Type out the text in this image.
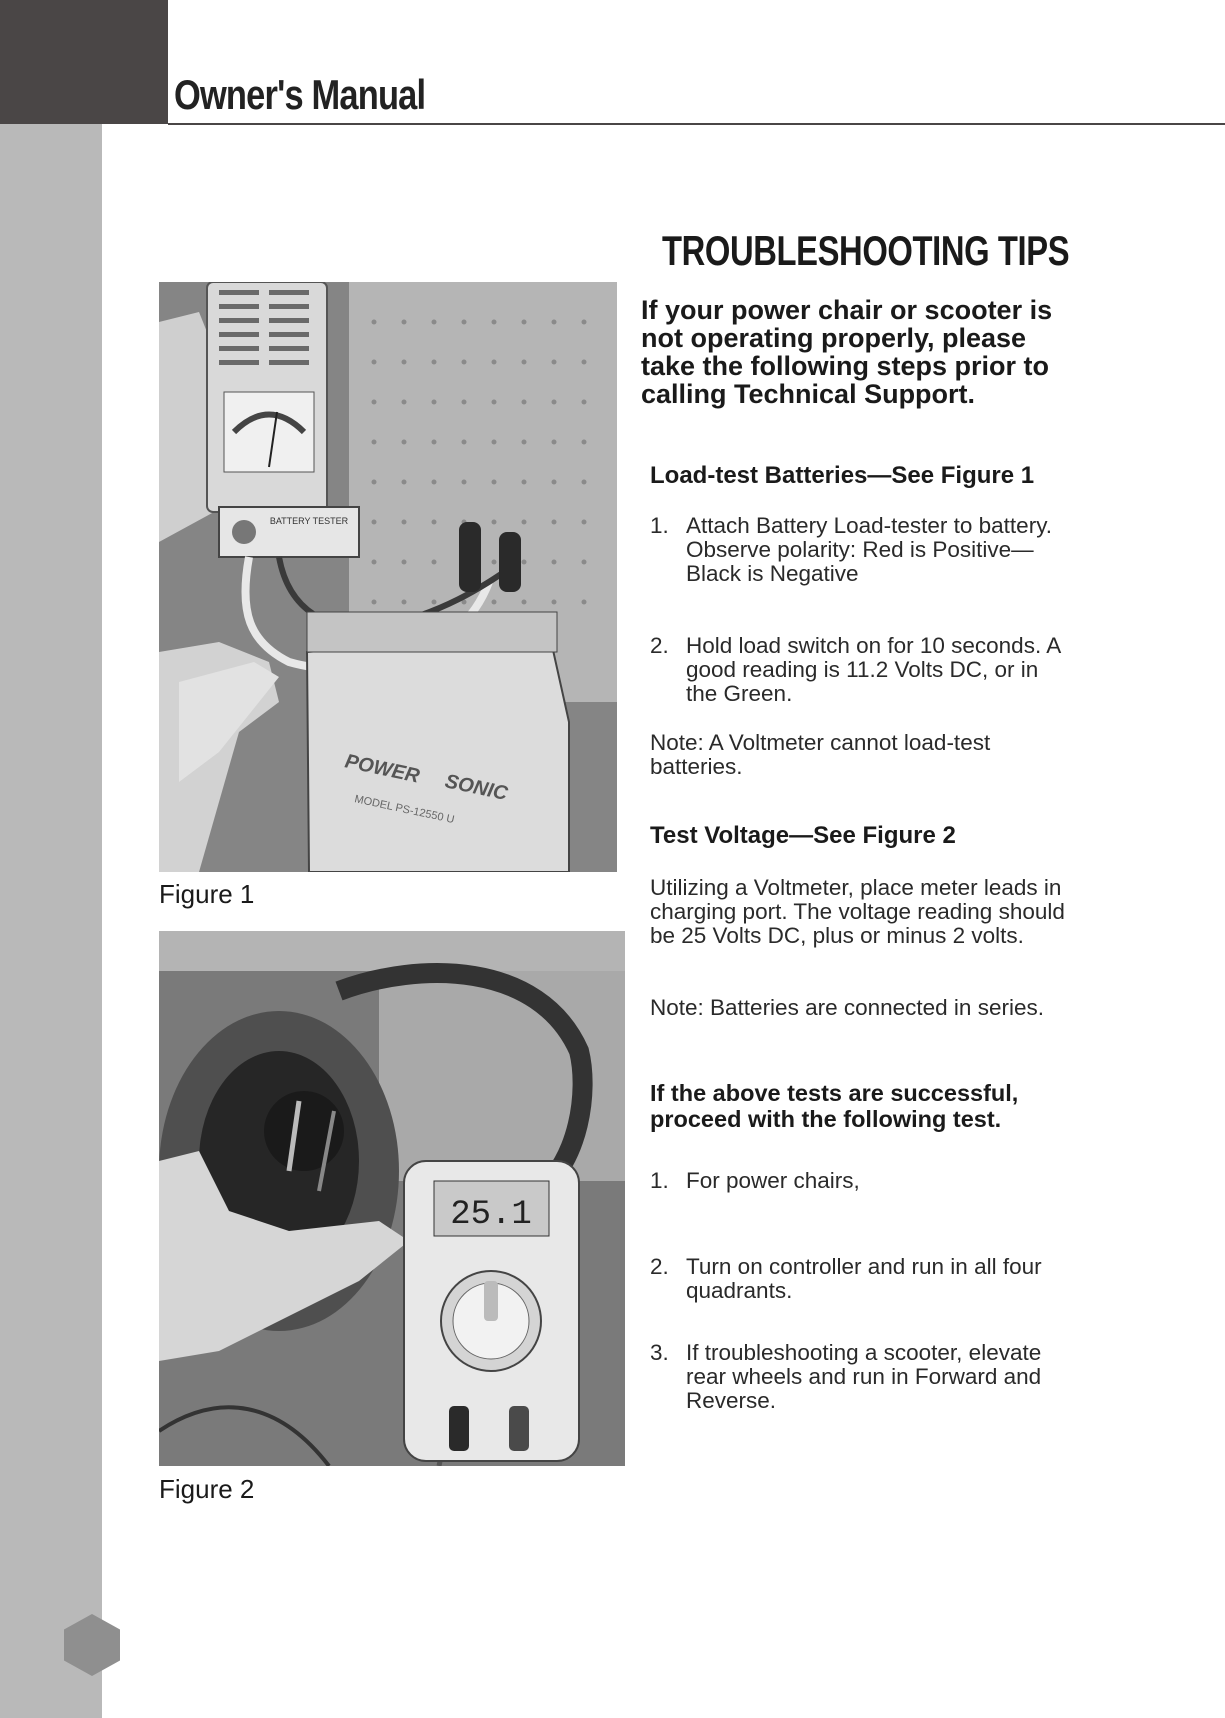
Owner's Manual
BATTERY TESTER
POWER
SONIC
MODEL PS-12550 U

Figure 1

25.1

Figure 2

TROUBLESHOOTING TIPS

If your power chair or scooter is not operating properly, please take the following steps prior to calling Technical Support.

Load-test Batteries—See Figure 1
1. Attach Battery Load-tester to battery.
Observe polarity: Red is Positive—Black is Negative
2. Hold load switch on for 10 seconds. A good reading is 11.2 Volts DC, or in the Green.

Note: A Voltmeter cannot load-test batteries.

Test Voltage—See Figure 2

Utilizing a Voltmeter, place meter leads in charging port. The voltage reading should be 25 Volts DC, plus or minus 2 volts.

Note: Batteries are connected in series.

If the above tests are successful, proceed with the following test.
1. For power chairs,
2. Turn on controller and run in all four quadrants.
3. If troubleshooting a scooter, elevate rear wheels and run in Forward and Reverse.
